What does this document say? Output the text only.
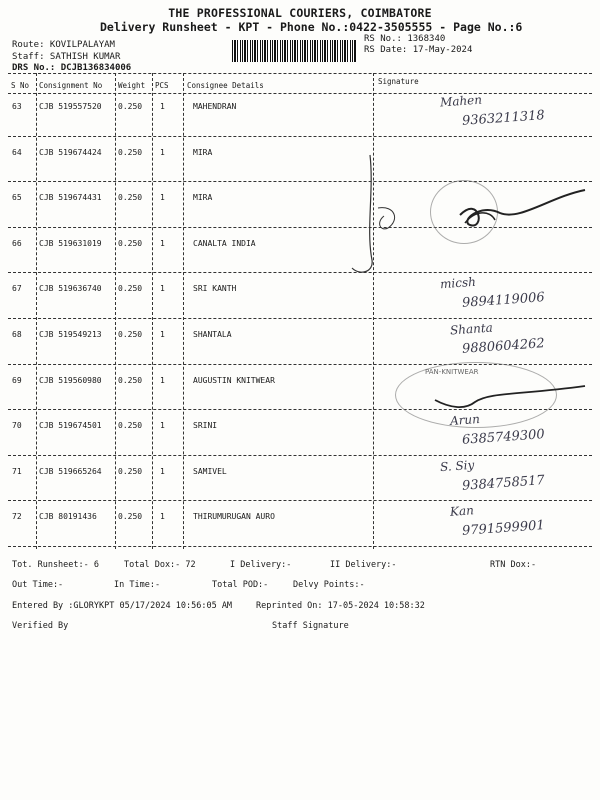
THE PROFESSIONAL COURIERS, COIMBATORE
Delivery Runsheet - KPT - Phone No.:0422-3505555 - Page No.:6
Route: KOVILPALAYAM
Staff: SATHISH KUMAR
DRS No.: DCJB136834006
RS No.: 1368340
RS Date: 17-May-2024
S No Consignment No Weight PCS Consignee Details	Signature
63 CJB 519557520 0.250 1	MAHENDRAN	Mahen
9363211318
64 CJB 519674424 0.250 1	MIRA
65 CJB 519674431 0.250 1	MIRA
66 CJB 519631019 0.250 1	CANALTA INDIA
67 CJB 519636740 0.250 1	SRI KANTH	micsh
9894119006
68 CJB 519549213 0.250 1	SHANTALA	Shanta
9880604262
69 CJB 519560980 0.250 1	AUGUSTIN KNITWEAR
70 CJB 519674501 0.250 1	SRINI	Arun
6385749300
71 CJB 519665264 0.250 1	SAMIVEL	S. Siy
9384758517
72 CJB 80191436	0.250 1	THIRUMURUGAN AURO	Kan
9791599901
PAN-KNITWEAR
Tot. Runsheet:- 6	Total Dox:- 72	I Delivery:-	II Delivery:-	RTN Dox:-
Out Time:-	In Time:-	Total POD:-	Delvy Points:-
Entered By :GLORYKPT 05/17/2024 10:56:05 AM	Reprinted On: 17-05-2024 10:58:32
Verified By	Staff Signature
